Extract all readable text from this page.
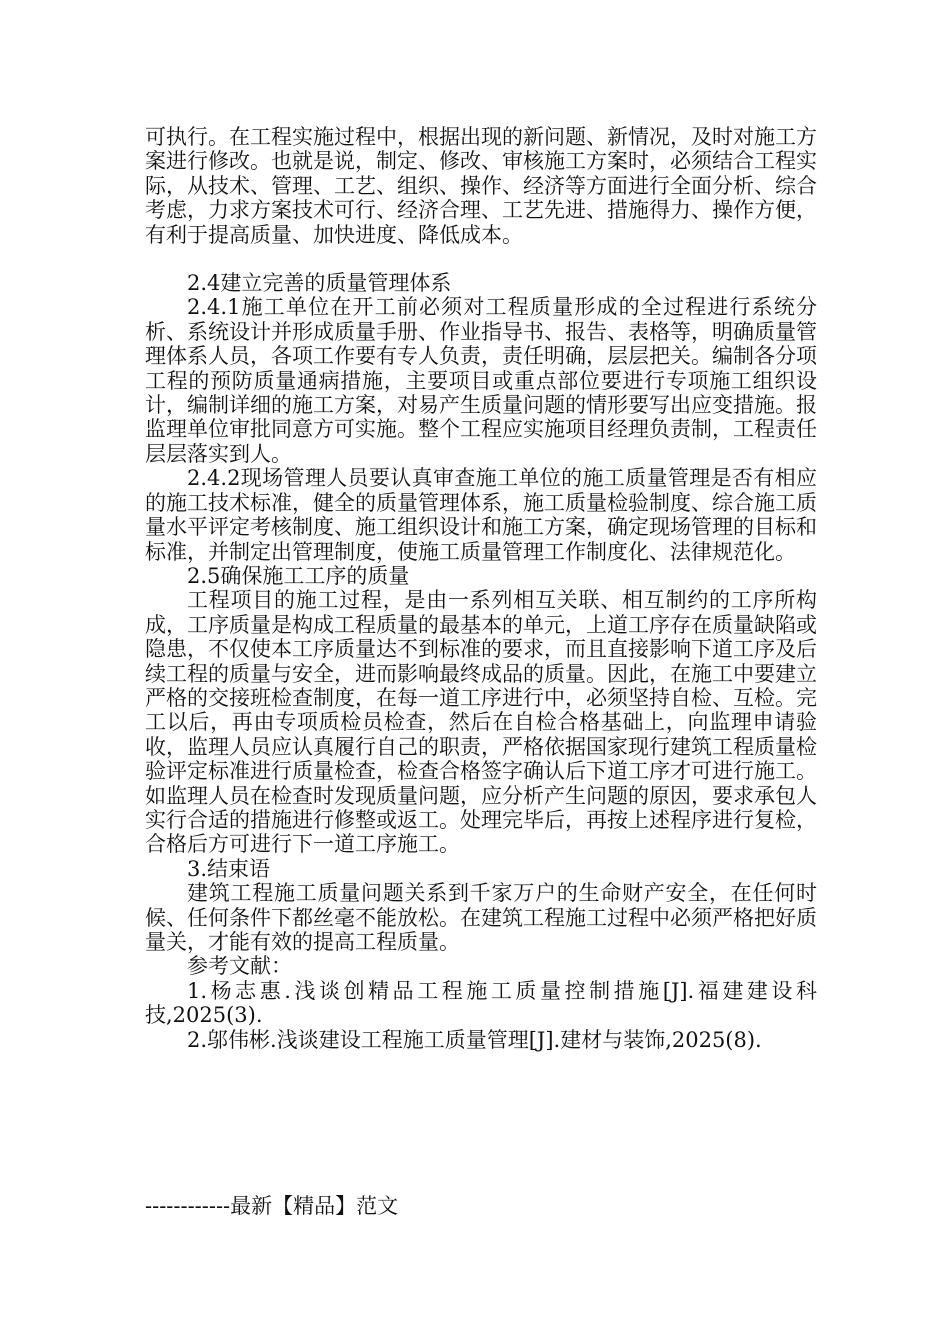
可执行。在工程实施过程中，根据出现的新问题、新情况，及时对施工方案进行修改。也就是说，制定、修改、审核施工方案时，必须结合工程实际，从技术、管理、工艺、组织、操作、经济等方面进行全面分析、综合考虑，力求方案技术可行、经济合理、工艺先进、措施得力、操作方便，有利于提高质量、加快进度、降低成本。

2.4建立完善的质量管理体系

2.4.1施工单位在开工前必须对工程质量形成的全过程进行系统分析、系统设计并形成质量手册、作业指导书、报告、表格等，明确质量管理体系人员，各项工作要有专人负责，责任明确，层层把关。编制各分项工程的预防质量通病措施，主要项目或重点部位要进行专项施工组织设计，编制详细的施工方案，对易产生质量问题的情形要写出应变措施。报监理单位审批同意方可实施。整个工程应实施项目经理负责制，工程责任层层落实到人。

2.4.2现场管理人员要认真审查施工单位的施工质量管理是否有相应的施工技术标准，健全的质量管理体系，施工质量检验制度、综合施工质量水平评定考核制度、施工组织设计和施工方案，确定现场管理的目标和标准，并制定出管理制度，使施工质量管理工作制度化、法律规范化。

2.5确保施工工序的质量

工程项目的施工过程，是由一系列相互关联、相互制约的工序所构成，工序质量是构成工程质量的最基本的单元，上道工序存在质量缺陷或隐患，不仅使本工序质量达不到标准的要求，而且直接影响下道工序及后续工程的质量与安全，进而影响最终成品的质量。因此，在施工中要建立严格的交接班检查制度，在每一道工序进行中，必须坚持自检、互检。完工以后，再由专项质检员检查，然后在自检合格基础上，向监理申请验收，监理人员应认真履行自己的职责，严格依据国家现行建筑工程质量检验评定标准进行质量检查，检查合格签字确认后下道工序才可进行施工。如监理人员在检查时发现质量问题，应分析产生问题的原因，要求承包人实行合适的措施进行修整或返工。处理完毕后，再按上述程序进行复检，合格后方可进行下一道工序施工。

3.结束语

建筑工程施工质量问题关系到千家万户的生命财产安全，在任何时候、任何条件下都丝毫不能放松。在建筑工程施工过程中必须严格把好质量关，才能有效的提高工程质量。

参考文献：

1.杨志惠.浅谈创精品工程施工质量控制措施[J].福建建设科技,2025(3).

2.邬伟彬.浅谈建设工程施工质量管理[J].建材与装饰,2025(8).

------------最新【精品】范文
